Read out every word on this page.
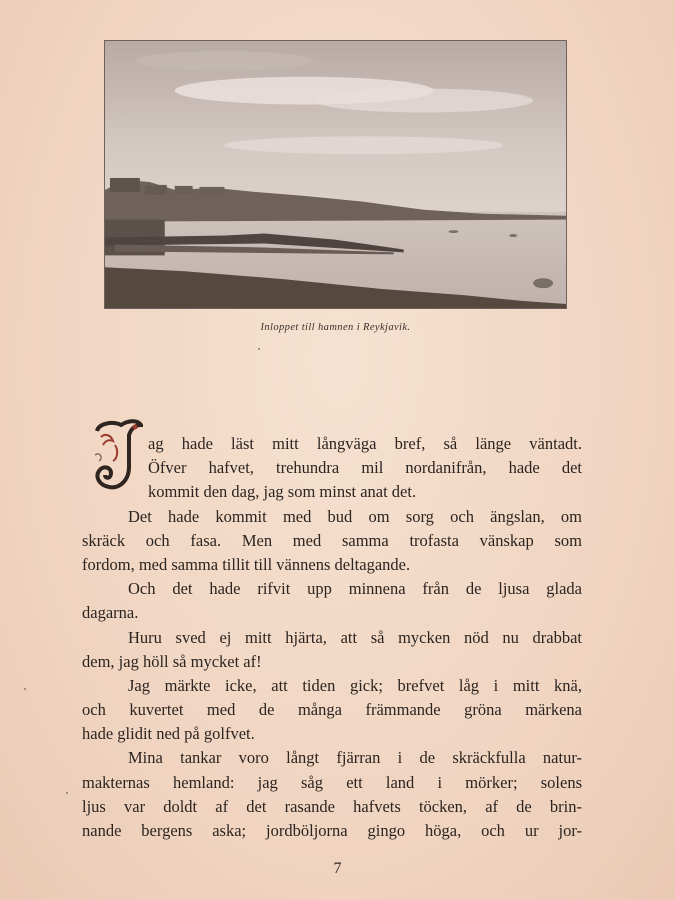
Inloppet till hamnen i Reykjavik.
ag hade läst mitt långväga bref, så länge väntadt.
Öfver hafvet, trehundra mil nordanifrån, hade det
kommit den dag, jag som minst anat det.
Det hade kommit med bud om sorg och ängslan, om
skräck och fasa. Men med samma trofasta vänskap som
fordom, med samma tillit till vännens deltagande.
Och det hade rifvit upp minnena från de ljusa glada
dagarna.
Huru sved ej mitt hjärta, att så mycken nöd nu drabbat
dem, jag höll så mycket af!
Jag märkte icke, att tiden gick; brefvet låg i mitt knä,
och kuvertet med de många främmande gröna märkena
hade glidit ned på golfvet.
Mina tankar voro långt fjärran i de skräckfulla natur-
makternas hemland: jag såg ett land i mörker; solens
ljus var doldt af det rasande hafvets töcken, af de brin-
nande bergens aska; jordböljorna gingo höga, och ur jor-
7
